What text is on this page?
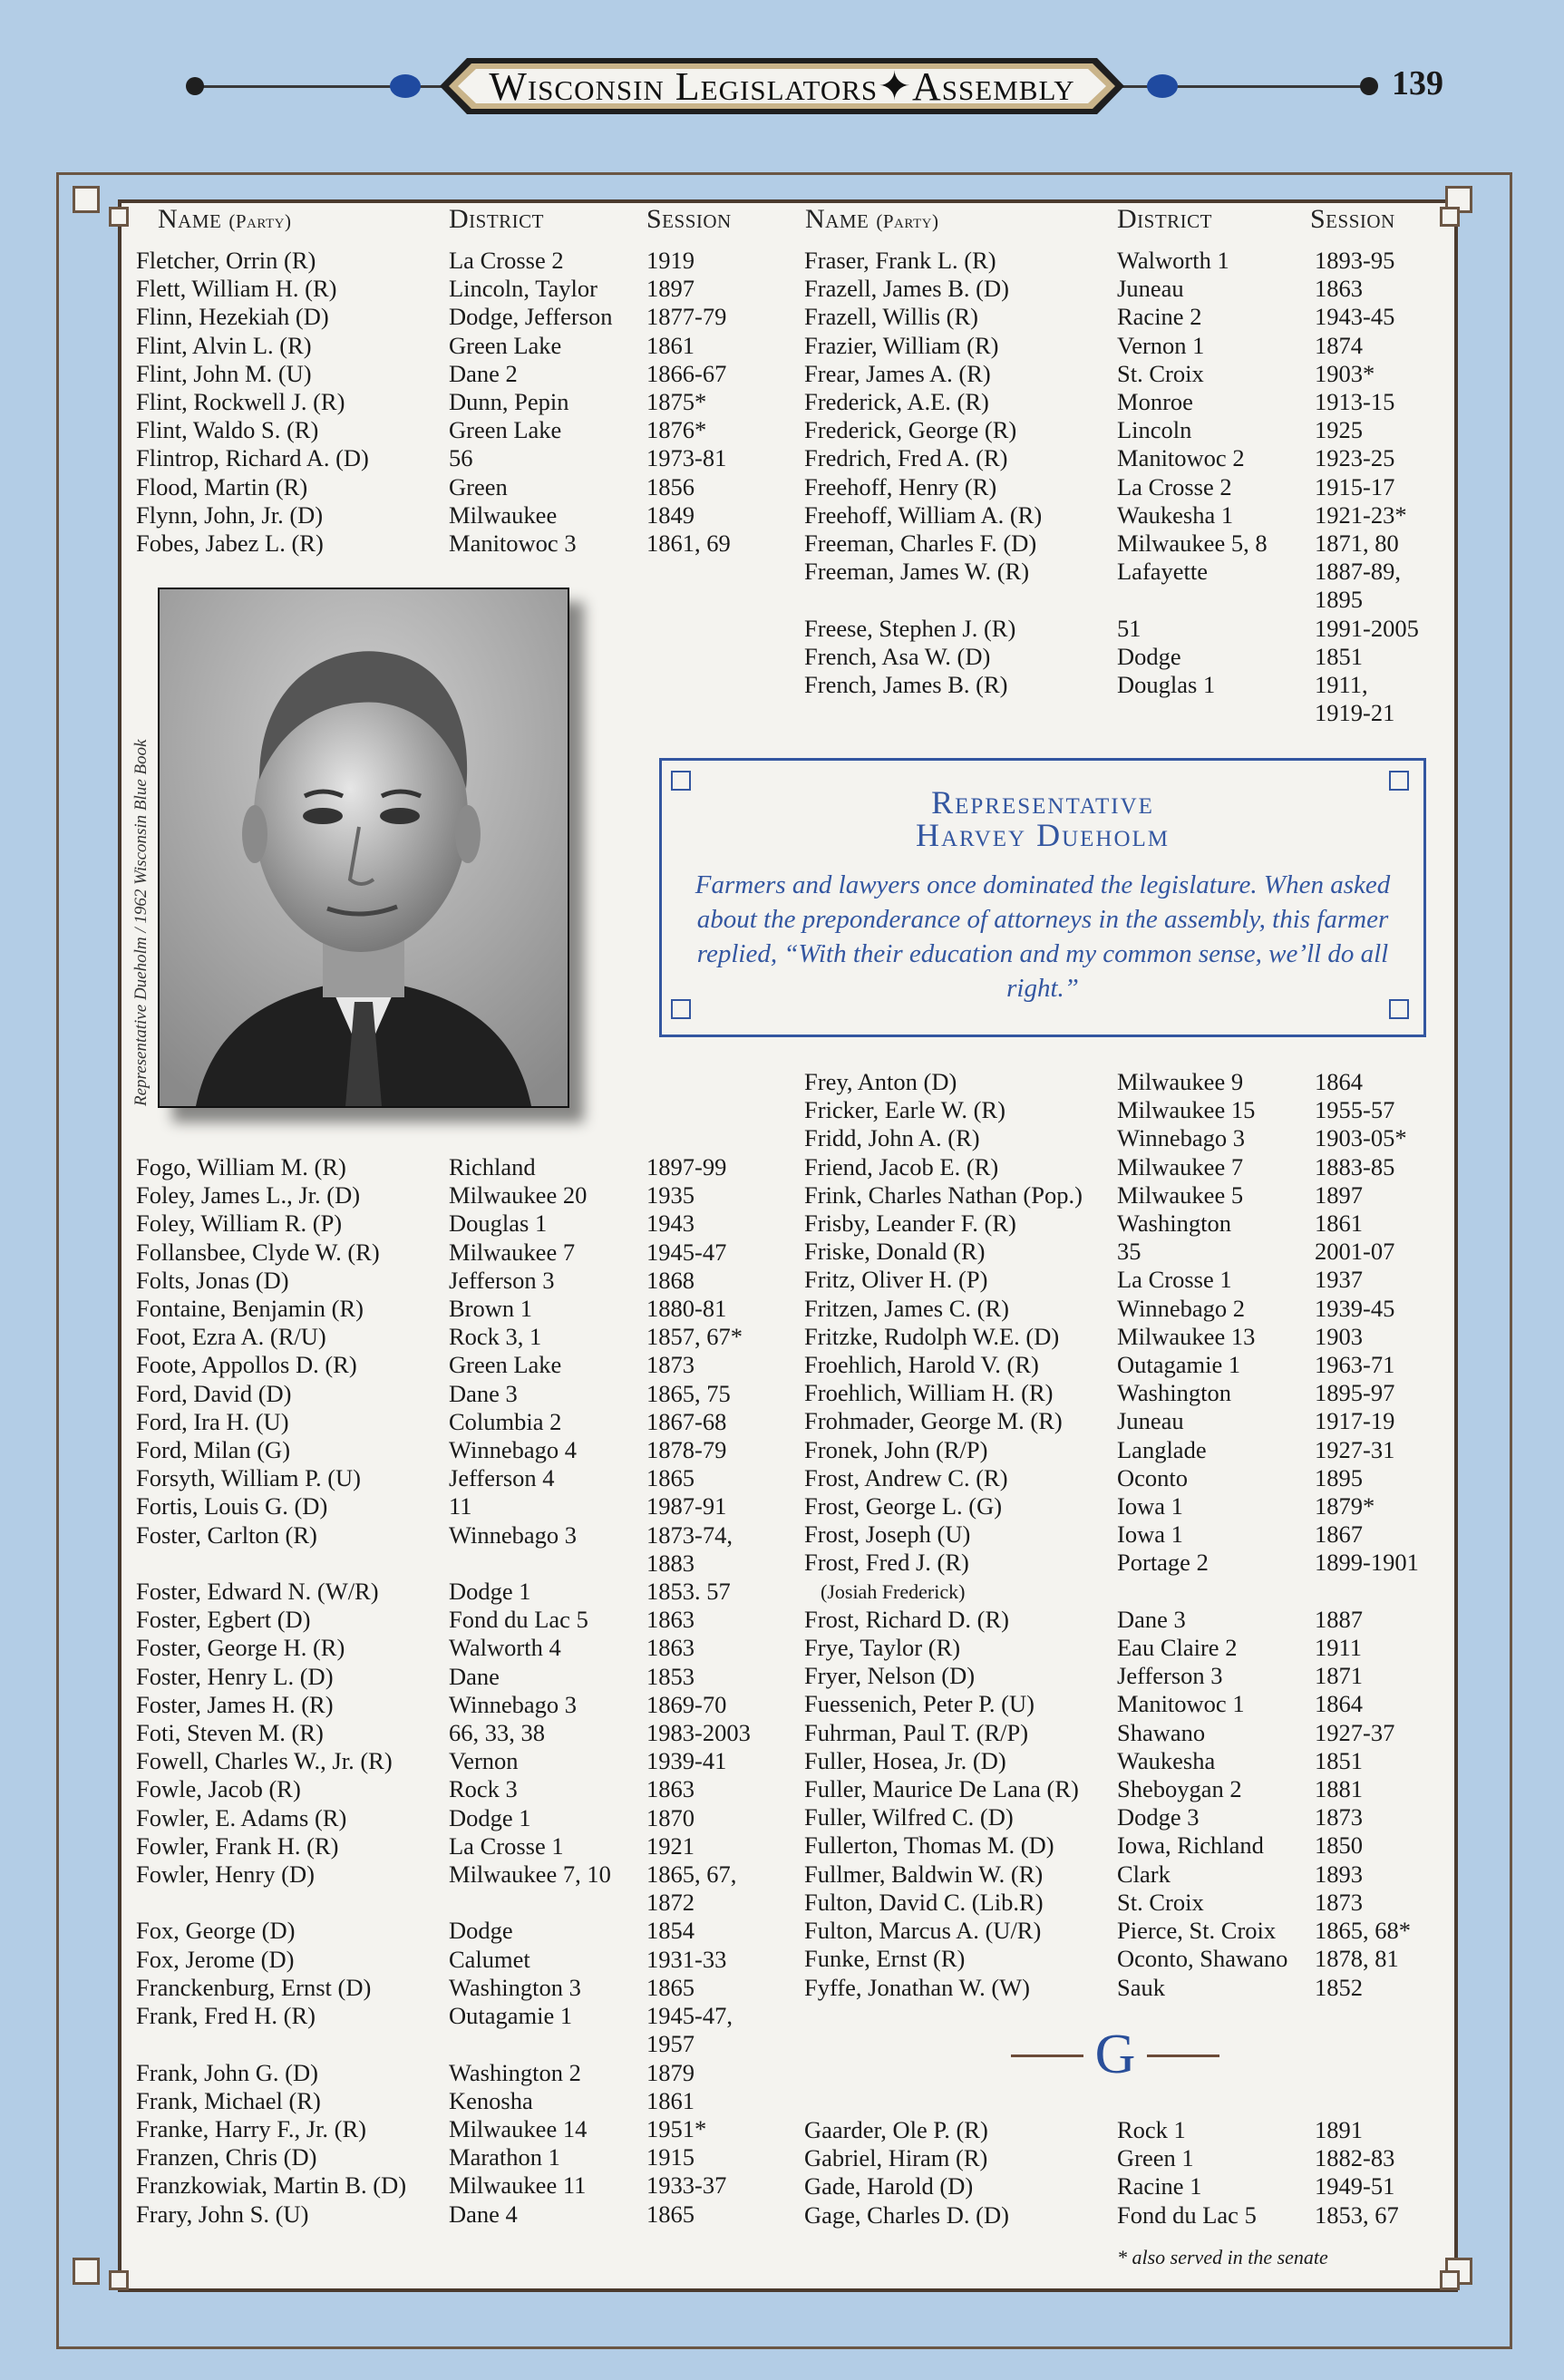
Wisconsin Legislators✦Assembly	139
Name (Party)	District	Session	Name (Party)	District	Session
Fletcher, Orrin (R)	La Crosse 2	1919
Flett, William H. (R)	Lincoln, Taylor	1897
Flinn, Hezekiah (D)	Dodge, Jefferson	1877-79
Flint, Alvin L. (R)	Green Lake	1861
Flint, John M. (U)	Dane 2	1866-67
Flint, Rockwell J. (R)	Dunn, Pepin	1875*
Flint, Waldo S. (R)	Green Lake	1876*
Flintrop, Richard A. (D)	56	1973-81
Flood, Martin (R)	Green	1856
Flynn, John, Jr. (D)	Milwaukee	1849
Fobes, Jabez L. (R)	Manitowoc 3	1861, 69
Fogo, William M. (R)	Richland	1897-99
Foley, James L., Jr. (D)	Milwaukee 20	1935
Foley, William R. (P)	Douglas 1	1943
Follansbee, Clyde W. (R)	Milwaukee 7	1945-47
Folts, Jonas (D)	Jefferson 3	1868
Fontaine, Benjamin (R)	Brown 1	1880-81
Foot, Ezra A. (R/U)	Rock 3, 1	1857, 67*
Foote, Appollos D. (R)	Green Lake	1873
Ford, David (D)	Dane 3	1865, 75
Ford, Ira H. (U)	Columbia 2	1867-68
Ford, Milan (G)	Winnebago 4	1878-79
Forsyth, William P. (U)	Jefferson 4	1865
Fortis, Louis G. (D)	11	1987-91
Foster, Carlton (R)	Winnebago 3	1873-74,

1883
Foster, Edward N. (W/R)	Dodge 1	1853. 57
Foster, Egbert (D)	Fond du Lac 5	1863
Foster, George H. (R)	Walworth 4	1863
Foster, Henry L. (D)	Dane	1853
Foster, James H. (R)	Winnebago 3	1869-70
Foti, Steven M. (R)	66, 33, 38	1983-2003
Fowell, Charles W., Jr. (R)	Vernon	1939-41
Fowle, Jacob (R)	Rock 3	1863
Fowler, E. Adams (R)	Dodge 1	1870
Fowler, Frank H. (R)	La Crosse 1	1921
Fowler, Henry (D)	Milwaukee 7, 10	1865, 67,

1872
Fox, George (D)	Dodge	1854
Fox, Jerome (D)	Calumet	1931-33
Franckenburg, Ernst (D)	Washington 3	1865
Frank, Fred H. (R)	Outagamie 1	1945-47,

1957
Frank, John G. (D)	Washington 2	1879
Frank, Michael (R)	Kenosha	1861
Franke, Harry F., Jr. (R)	Milwaukee 14	1951*
Franzen, Chris (D)	Marathon 1	1915
Franzkowiak, Martin B. (D)	Milwaukee 11	1933-37
Frary, John S. (U)	Dane 4	1865
Fraser, Frank L. (R)	Walworth 1	1893-95
Frazell, James B. (D)	Juneau	1863
Frazell, Willis (R)	Racine 2	1943-45
Frazier, William (R)	Vernon 1	1874
Frear, James A. (R)	St. Croix	1903*
Frederick, A.E. (R)	Monroe	1913-15
Frederick, George (R)	Lincoln	1925
Fredrich, Fred A. (R)	Manitowoc 2	1923-25
Freehoff, Henry (R)	La Crosse 2	1915-17
Freehoff, William A. (R)	Waukesha 1	1921-23*
Freeman, Charles F. (D)	Milwaukee 5, 8	1871, 80
Freeman, James W. (R)	Lafayette	1887-89,

1895
Freese, Stephen J. (R)	51	1991-2005
French, Asa W. (D)	Dodge	1851
French, James B. (R)	Douglas 1	1911,

1919-21
Frey, Anton (D)	Milwaukee 9	1864
Fricker, Earle W. (R)	Milwaukee 15	1955-57
Fridd, John A. (R)	Winnebago 3	1903-05*
Friend, Jacob E. (R)	Milwaukee 7	1883-85
Frink, Charles Nathan (Pop.)	Milwaukee 5	1897
Frisby, Leander F. (R)	Washington	1861
Friske, Donald (R)	35	2001-07
Fritz, Oliver H. (P)	La Crosse 1	1937
Fritzen, James C. (R)	Winnebago 2	1939-45
Fritzke, Rudolph W.E. (D)	Milwaukee 13	1903
Froehlich, Harold V. (R)	Outagamie 1	1963-71
Froehlich, William H. (R)	Washington	1895-97
Frohmader, George M. (R)	Juneau	1917-19
Fronek, John (R/P)	Langlade	1927-31
Frost, Andrew C. (R)	Oconto	1895
Frost, George L. (G)	Iowa 1	1879*
Frost, Joseph (U)	Iowa 1	1867
Frost, Fred J. (R)	Portage 2	1899-1901
(Josiah Frederick)

Frost, Richard D. (R)	Dane 3	1887
Frye, Taylor (R)	Eau Claire 2	1911
Fryer, Nelson (D)	Jefferson 3	1871
Fuessenich, Peter P. (U)	Manitowoc 1	1864
Fuhrman, Paul T. (R/P)	Shawano	1927-37
Fuller, Hosea, Jr. (D)	Waukesha	1851
Fuller, Maurice De Lana (R)	Sheboygan 2	1881
Fuller, Wilfred C. (D)	Dodge 3	1873
Fullerton, Thomas M. (D)	Iowa, Richland	1850
Fullmer, Baldwin W. (R)	Clark	1893
Fulton, David C. (Lib.R)	St. Croix	1873
Fulton, Marcus A. (U/R)	Pierce, St. Croix	1865, 68*
Funke, Ernst (R)	Oconto, Shawano	1878, 81
Fyffe, Jonathan W. (W)	Sauk	1852
Gaarder, Ole P. (R)	Rock 1	1891
Gabriel, Hiram (R)	Green 1	1882-83
Gade, Harold (D)	Racine 1	1949-51
Gage, Charles D. (D)	Fond du Lac 5	1853, 67
Representative Dueholm / 1962 Wisconsin Blue Book	Representative
Harvey Dueholm
Farmers and lawyers once dominated the legislature. When asked about the preponderance of attorneys in the assembly, this farmer replied, “With their education and my common sense, we’ll do all right.”
G
* also served in the senate
